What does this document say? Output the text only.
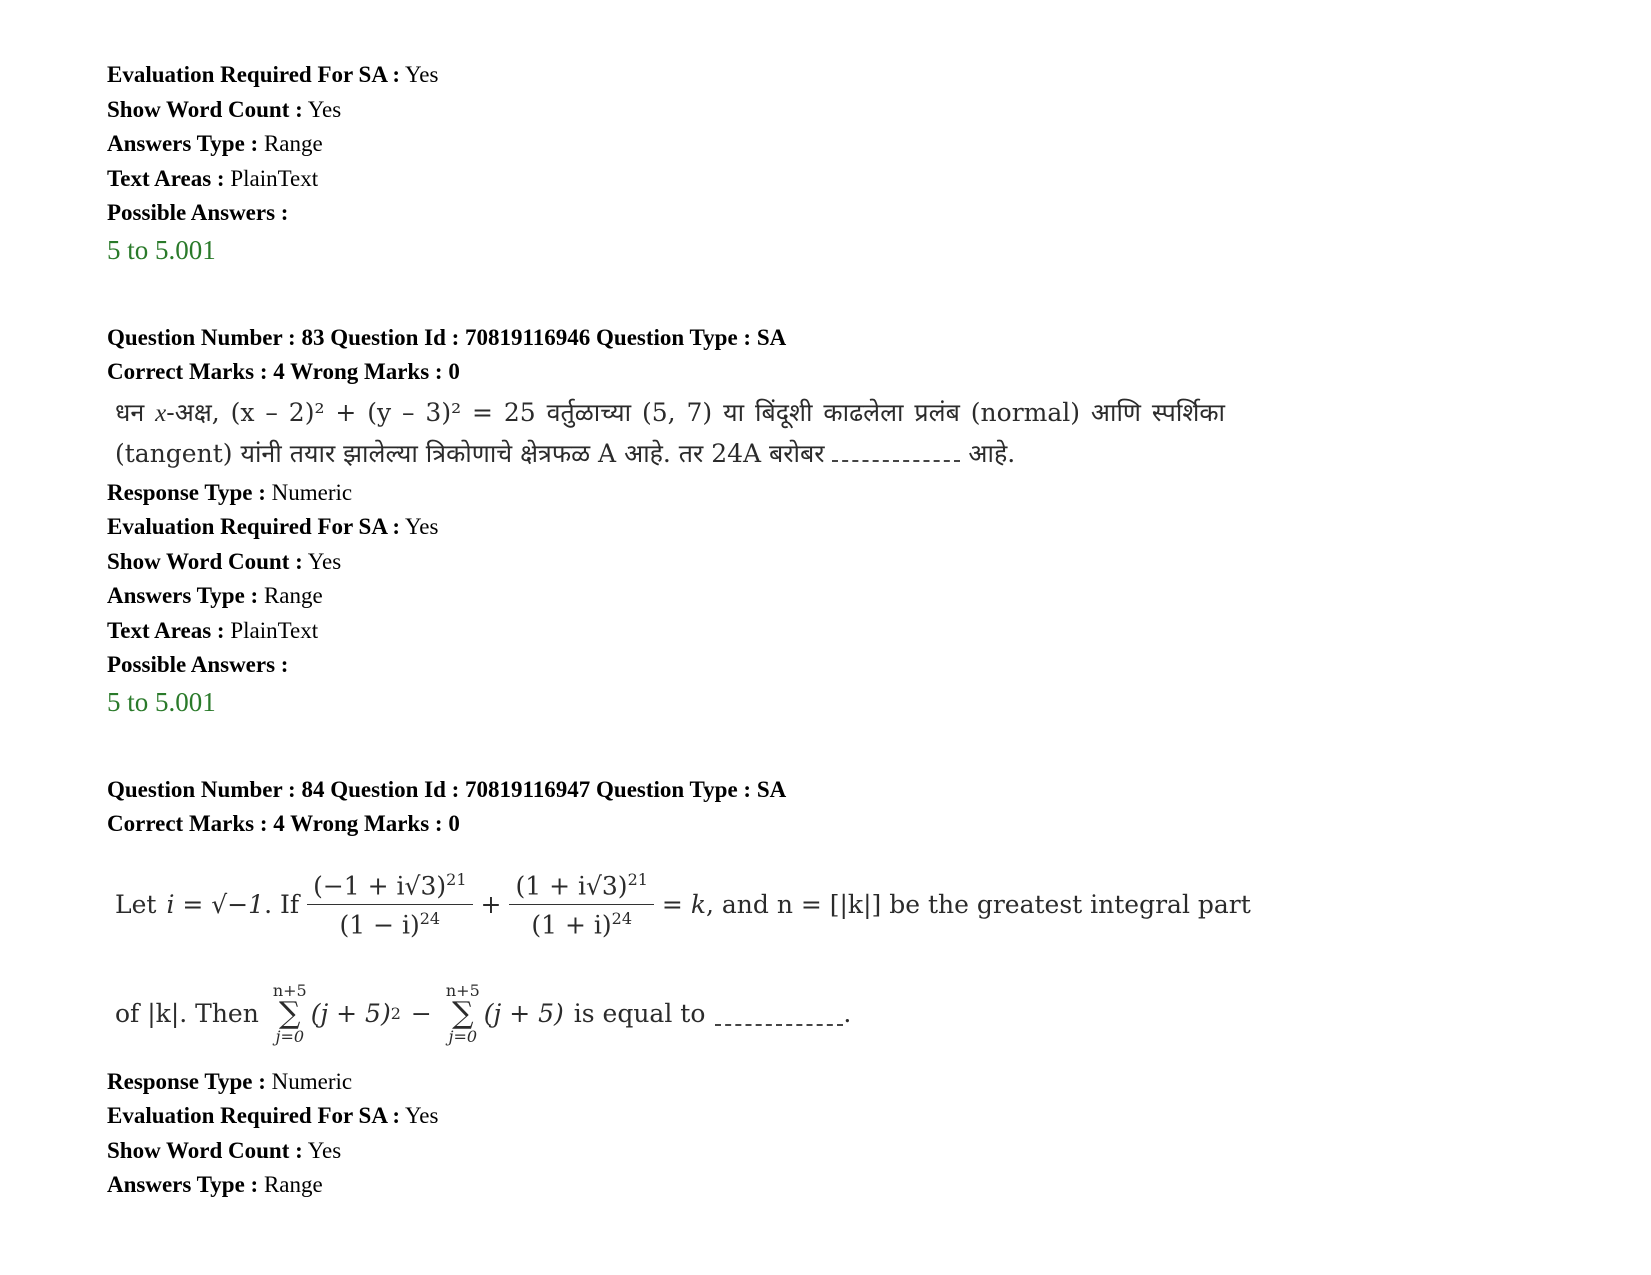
Evaluation Required For SA : Yes
Show Word Count : Yes
Answers Type : Range
Text Areas : PlainText
Possible Answers :
5 to 5.001
Question Number : 83 Question Id : 70819116946 Question Type : SA
Correct Marks : 4 Wrong Marks : 0
धन x-अक्ष, (x – 2)² + (y – 3)² = 25 वर्तुळाच्या (5, 7) या बिंदूशी काढलेला प्रलंब (normal) आणि स्पर्शिका (tangent) यांनी तयार झालेल्या त्रिकोणाचे क्षेत्रफळ A आहे. तर 24A बरोबर	आहे.
Response Type : Numeric
Evaluation Required For SA : Yes
Show Word Count : Yes
Answers Type : Range
Text Areas : PlainText
Possible Answers :
5 to 5.001
Question Number : 84 Question Id : 70819116947 Question Type : SA
Correct Marks : 4 Wrong Marks : 0
Let i = √−1 . If $\frac{(-1 + i√3)^{21}}{(1 - i)^{24}} + \frac{(1 + i√3)^{21}}{(1 + i)^{24}} = k$ , and n = [|k|] be the greatest integral part
of |k|. Then
n+5
∑
j=0
(j + 5) 2 −
n+5
∑
j=0
(j + 5) is equal to	.
Response Type : Numeric
Evaluation Required For SA : Yes
Show Word Count : Yes
Answers Type : Range
